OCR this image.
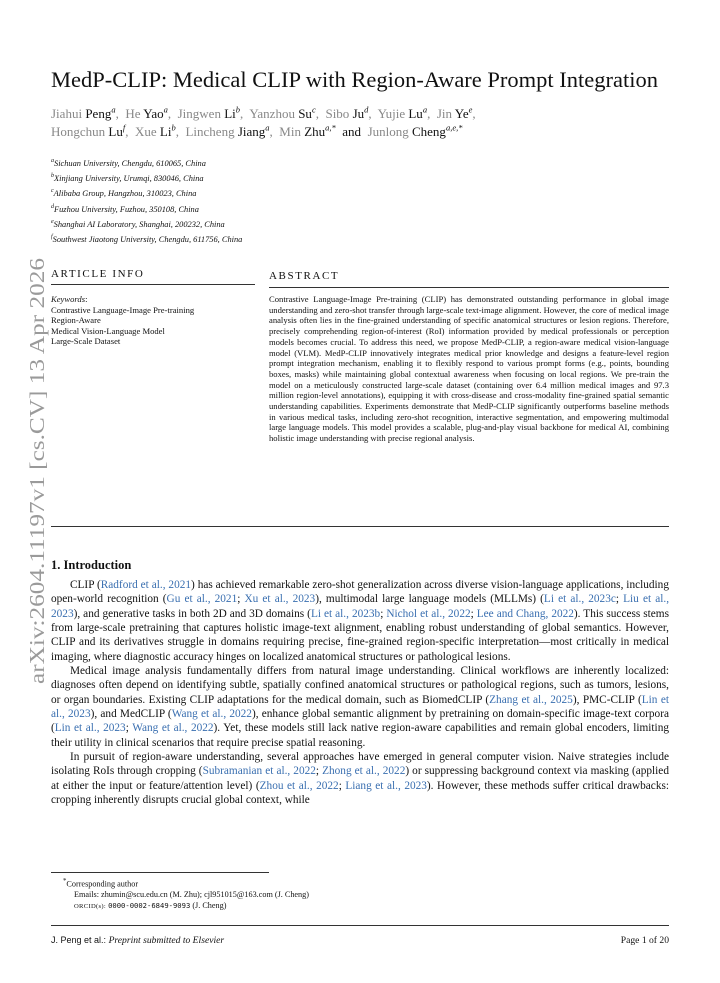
arXiv:2604.11197v1 [cs.CV] 13 Apr 2026
MedP-CLIP: Medical CLIP with Region-Aware Prompt Integration
Jiahui Peng$^a$,  He Yao$^a$,  Jingwen Li$^b$,  Yanzhou Su$^c$,  Sibo Ju$^d$,  Yujie Lu$^a$,  Jin Ye$^e$,
Hongchun Lu$^f$,  Xue Li$^b$,  Lincheng Jiang$^a$,  Min Zhu$^{a,*}$ and Junlong Cheng$^{a,e,*}$
$^a$Sichuan University, Chengdu, 610065, China
$^b$Xinjiang University, Urumqi, 830046, China
$^c$Alibaba Group, Hangzhou, 310023, China
$^d$Fuzhou University, Fuzhou, 350108, China
$^e$Shanghai AI Laboratory, Shanghai, 200232, China
$^f$Southwest Jiaotong University, Chengdu, 611756, China
ARTICLE INFO	ABSTRACT
Keywords:
Contrastive Language-Image Pre-training
Region-Aware
Medical Vision-Language Model
Large-Scale Dataset
Contrastive Language-Image Pre-training (CLIP) has demonstrated outstanding performance in global image understanding and zero-shot transfer through large-scale text-image alignment. However, the core of medical image analysis often lies in the fine-grained understanding of specific anatomical structures or lesion regions. Therefore, precisely comprehending region-of-interest (RoI) information provided by medical professionals or perception models becomes crucial. To address this need, we propose MedP-CLIP, a region-aware medical vision-language model (VLM). MedP-CLIP innovatively integrates medical prior knowledge and designs a feature-level region prompt integration mechanism, enabling it to flexibly respond to various prompt forms (e.g., points, bounding boxes, masks) while maintaining global contextual awareness when focusing on local regions. We pre-train the model on a meticulously constructed large-scale dataset (containing over 6.4 million medical images and 97.3 million region-level annotations), equipping it with cross-disease and cross-modality fine-grained spatial semantic understanding capabilities. Experiments demonstrate that MedP-CLIP significantly outperforms baseline methods in various medical tasks, including zero-shot recognition, interactive segmentation, and empowering multimodal large language models. This model provides a scalable, plug-and-play visual backbone for medical AI, combining holistic image understanding with precise regional analysis.
1. Introduction

CLIP (Radford et al., 2021) has achieved remarkable zero-shot generalization across diverse vision-language applications, including open-world recognition (Gu et al., 2021; Xu et al., 2023), multimodal large language models (MLLMs) (Li et al., 2023c; Liu et al., 2023), and generative tasks in both 2D and 3D domains (Li et al., 2023b; Nichol et al., 2022; Lee and Chang, 2022). This success stems from large-scale pretraining that captures holistic image-text alignment, enabling robust understanding of global semantics. However, CLIP and its derivatives struggle in domains requiring precise, fine-grained region-specific interpretation—most critically in medical imaging, where diagnostic accuracy hinges on localized anatomical structures or pathological lesions.

Medical image analysis fundamentally differs from natural image understanding. Clinical workflows are inherently localized: diagnoses often depend on identifying subtle, spatially confined anatomical structures or pathological regions, such as tumors, lesions, or organ boundaries. Existing CLIP adaptations for the medical domain, such as BiomedCLIP (Zhang et al., 2025), PMC-CLIP (Lin et al., 2023), and MedCLIP (Wang et al., 2022), enhance global semantic alignment by pretraining on domain-specific image-text corpora (Lin et al., 2023; Wang et al., 2022). Yet, these models still lack native region-aware capabilities and remain global encoders, limiting their utility in clinical scenarios that require precise spatial reasoning.

In pursuit of region-aware understanding, several approaches have emerged in general computer vision. Naive strategies include isolating RoIs through cropping (Subramanian et al., 2022; Zhong et al., 2022) or suppressing background context via masking (applied at either the input or feature/attention level) (Zhou et al., 2022; Liang et al., 2023). However, these methods suffer critical drawbacks: cropping inherently disrupts crucial global context, while

*Corresponding author
Emails: zhumin@scu.edu.cn (M. Zhu); cjl951015@163.com (J. Cheng)
ORCID(s): 0000-0002-6849-9093 (J. Cheng)
J. Peng et al.: Preprint submitted to Elsevier	Page 1 of 20
